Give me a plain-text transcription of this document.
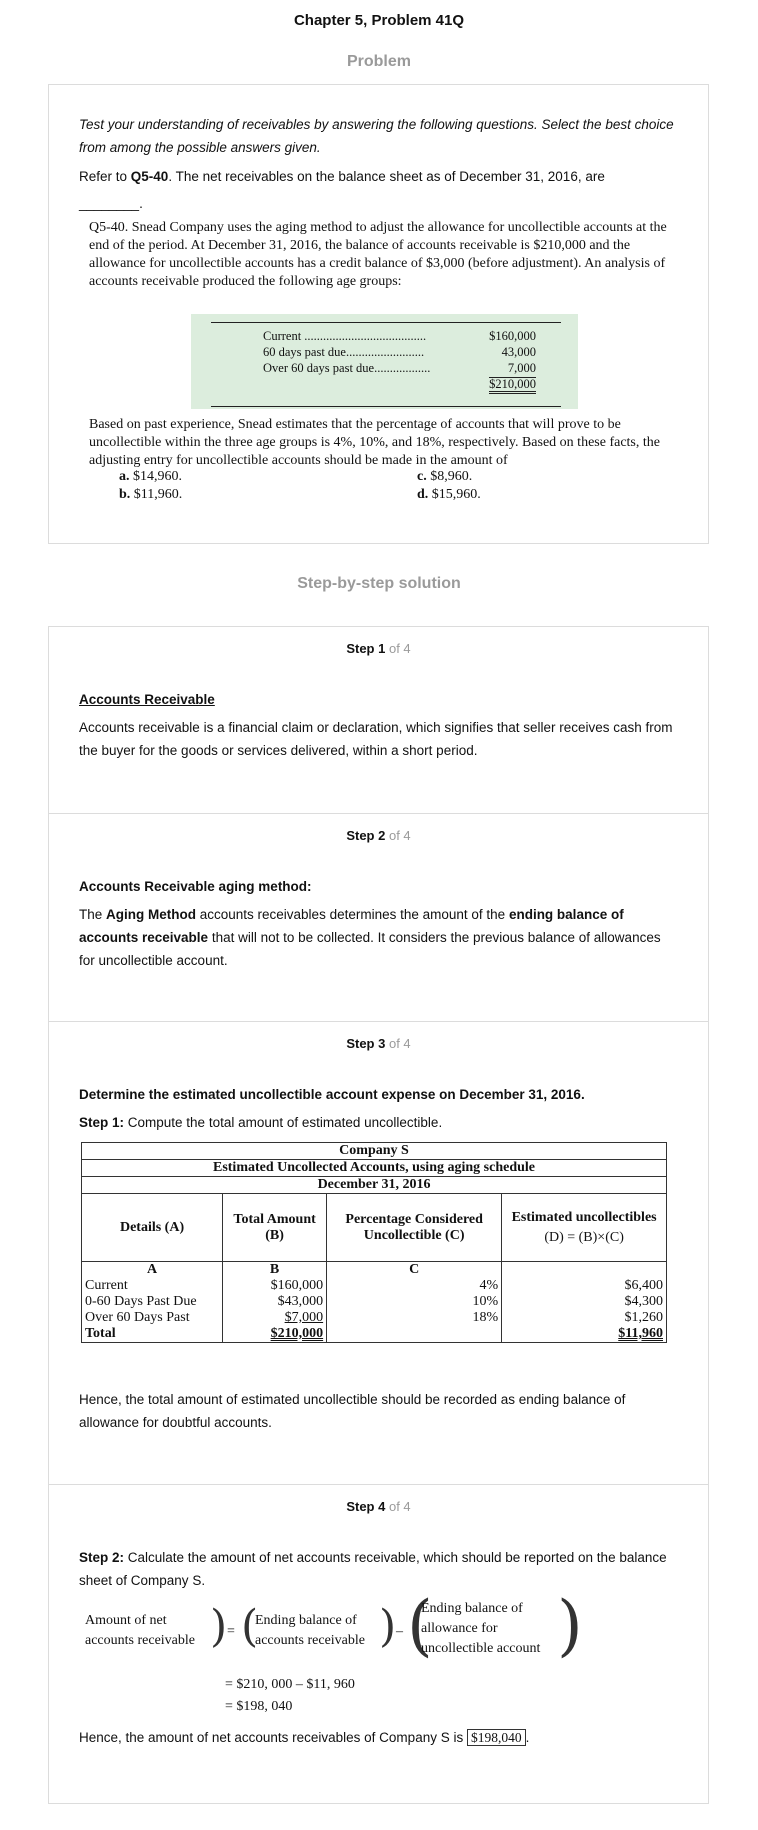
Chapter 5, Problem 41Q
Problem
Test your understanding of receivables by answering the following questions. Select the best choice from among the possible answers given.
Refer to Q5-40. The net receivables on the balance sheet as of December 31, 2016, are
________.
Q5-40. Snead Company uses the aging method to adjust the allowance for uncollectible accounts at the end of the period. At December 31, 2016, the balance of accounts receivable is $210,000 and the allowance for uncollectible accounts has a credit balance of $3,000 (before adjustment). An analysis of accounts receivable produced the following age groups:
Current .......................................	$160,000
60 days past due.........................	43,000
Over 60 days past due..................	7,000
$210,000
Based on past experience, Snead estimates that the percentage of accounts that will prove to be uncollectible within the three age groups is 4%, 10%, and 18%, respectively. Based on these facts, the adjusting entry for uncollectible accounts should be made in the amount of
a. $14,960.	c. $8,960.
b. $11,960.	d. $15,960.
Step-by-step solution
Step 1 of 4
Accounts Receivable
Accounts receivable is a financial claim or declaration, which signifies that seller receives cash from the buyer for the goods or services delivered, within a short period.
Step 2 of 4
Accounts Receivable aging method:
The Aging Method accounts receivables determines the amount of the ending balance of accounts receivable that will not to be collected. It considers the previous balance of allowances for uncollectible account.
Step 3 of 4
Determine the estimated uncollectible account expense on December 31, 2016.
Step 1: Compute the total amount of estimated uncollectible.
Company S			
Estimated Uncollected Accounts, using aging schedule			
December 31, 2016			
Details (A)	Total Amount (B)	Percentage Considered Uncollectible (C)	Estimated uncollectibles
(D) = (B)×(C)
A	B	C	
Current	$160,000	4%	$6,400
0-60 Days Past Due	$43,000	10%	$4,300
Over 60 Days Past	$7,000	18%	$1,260
Total	$210,000		$11,960
Hence, the total amount of estimated uncollectible should be recorded as ending balance of allowance for doubtful accounts.
Step 4 of 4
Step 2: Calculate the amount of net accounts receivable, which should be reported on the balance sheet of Company S.
Amount of net
accounts receivable ) = (
Ending balance of
accounts receivable ) – (
Ending balance of
allowance for
uncollectible account )
= $210, 000 – $11, 960
= $198, 040
Hence, the amount of net accounts receivables of Company S is $198,040 .
